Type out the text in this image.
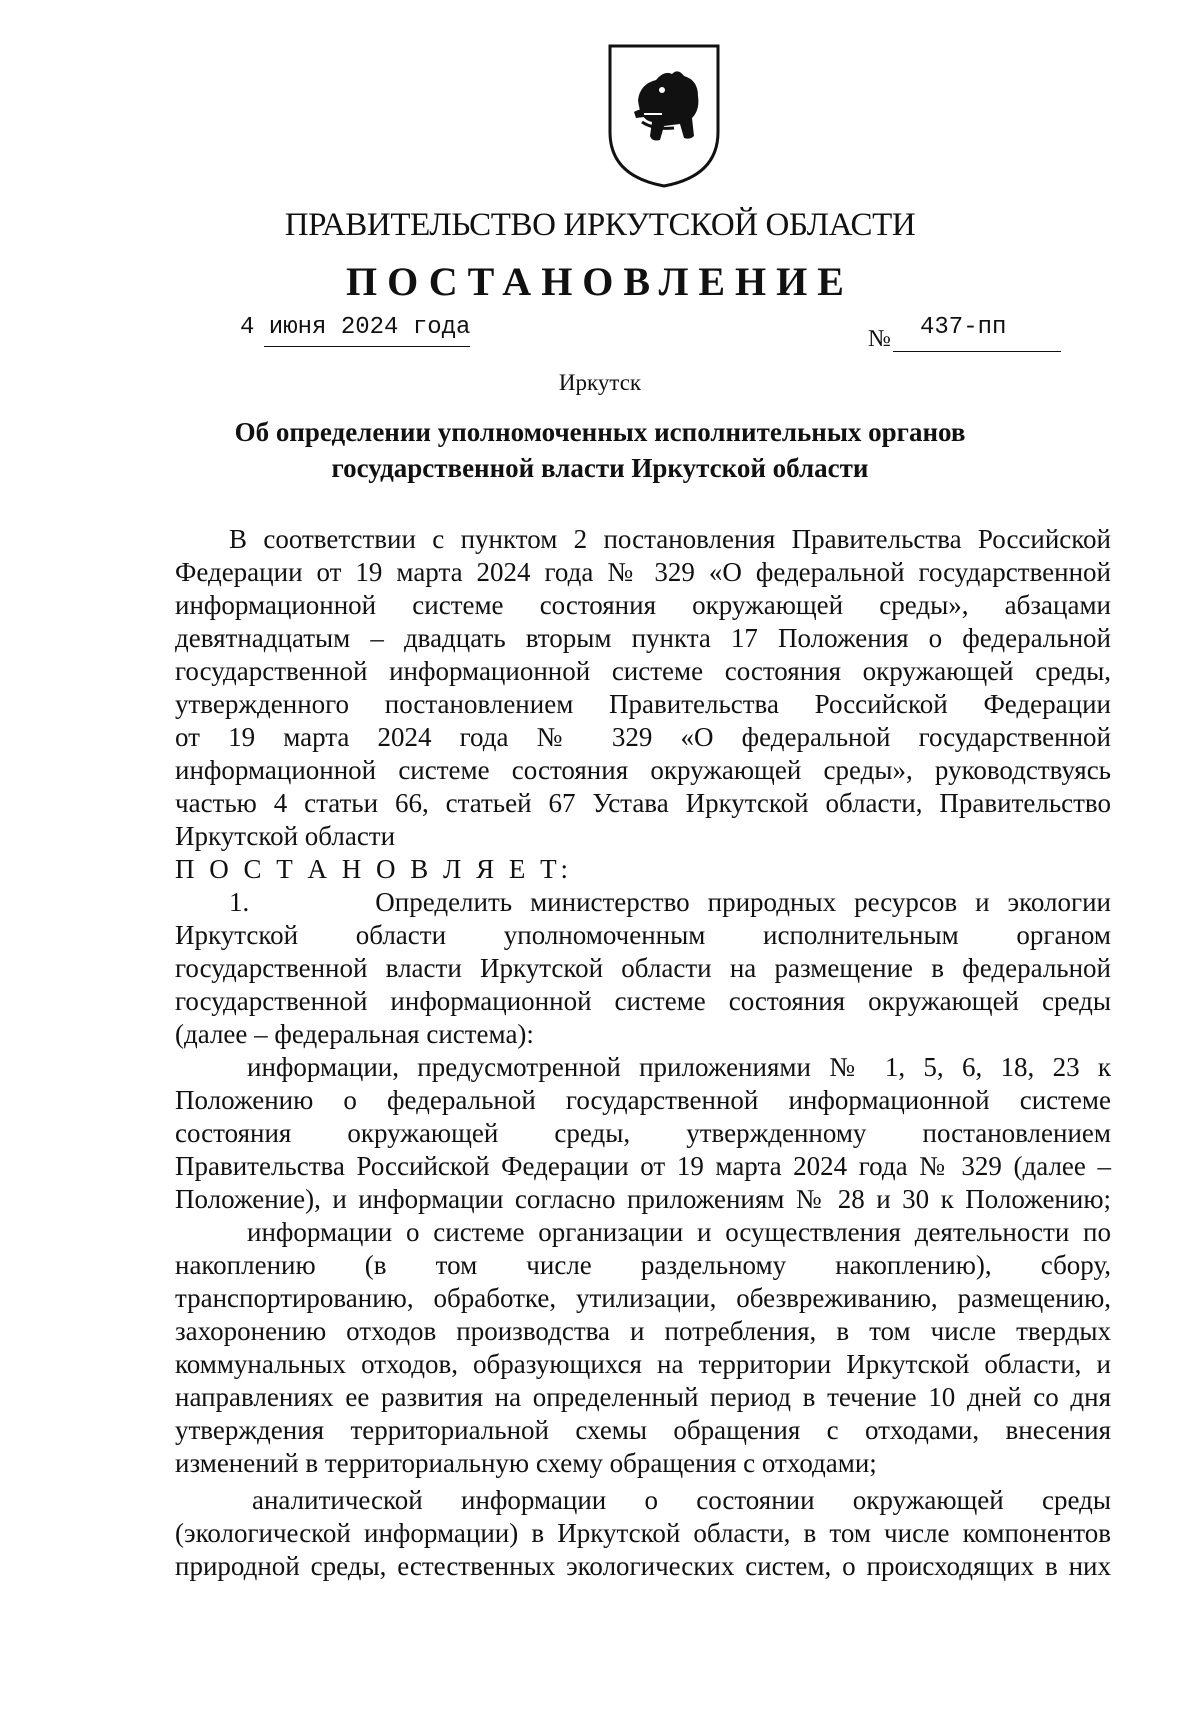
ПРАВИТЕЛЬСТВО ИРКУТСКОЙ ОБЛАСТИ
ПОСТАНОВЛЕНИЕ
4 июня 2024 года	№ 437-пп
Иркутск
Об определении уполномоченных исполнительных органов
государственной власти Иркутской области
В соответствии с пунктом 2 постановления Правительства Российской
Федерации от 19 марта 2024 года № 329 «О федеральной государственной
информационной системе состояния окружающей среды», абзацами
девятнадцатым – двадцать вторым пункта 17 Положения о федеральной
государственной информационной системе состояния окружающей среды,
утвержденного постановлением Правительства Российской Федерации
от 19 марта 2024 года № 329 «О федеральной государственной
информационной системе состояния окружающей среды», руководствуясь
частью 4 статьи 66, статьей 67 Устава Иркутской области, Правительство
Иркутской области
П О С Т А Н О В Л Я Е Т:
1.       Определить министерство природных ресурсов и экологии
Иркутской области уполномоченным исполнительным органом
государственной власти Иркутской области на размещение в федеральной
государственной информационной системе состояния окружающей среды
(далее – федеральная система):
информации, предусмотренной приложениями № 1, 5, 6, 18, 23 к
Положению о федеральной государственной информационной системе
состояния окружающей среды, утвержденному постановлением
Правительства Российской Федерации от 19 марта 2024 года № 329 (далее –
Положение), и информации согласно приложениям № 28 и 30 к Положению;
информации о системе организации и осуществления деятельности по
накоплению (в том числе раздельному накоплению), сбору,
транспортированию, обработке, утилизации, обезвреживанию, размещению,
захоронению отходов производства и потребления, в том числе твердых
коммунальных отходов, образующихся на территории Иркутской области, и
направлениях ее развития на определенный период в течение 10 дней со дня
утверждения территориальной схемы обращения с отходами, внесения
изменений в территориальную схему обращения с отходами;
аналитической информации о состоянии окружающей среды
(экологической информации) в Иркутской области, в том числе компонентов
природной среды, естественных экологических систем, о происходящих в них
